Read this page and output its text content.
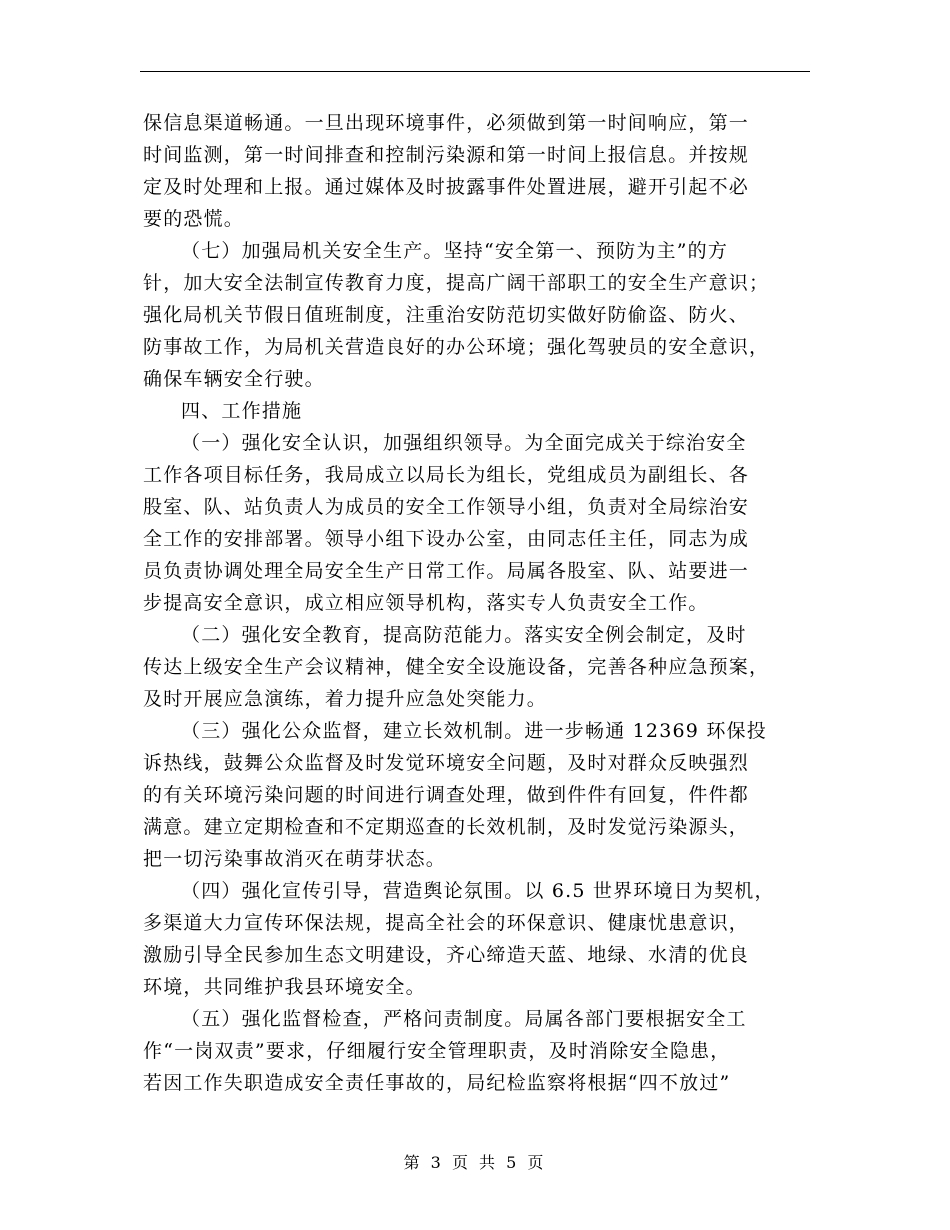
保信息渠道畅通。一旦出现环境事件，必须做到第一时间响应，第一
时间监测，第一时间排查和控制污染源和第一时间上报信息。并按规
定及时处理和上报。通过媒体及时披露事件处置进展，避开引起不必
要的恐慌。

（七）加强局机关安全生产。坚持“安全第一、预防为主”的方
针，加大安全法制宣传教育力度，提高广阔干部职工的安全生产意识；
强化局机关节假日值班制度，注重治安防范切实做好防偷盗、防火、
防事故工作，为局机关营造良好的办公环境；强化驾驶员的安全意识，
确保车辆安全行驶。

四、工作措施

（一）强化安全认识，加强组织领导。为全面完成关于综治安全
工作各项目标任务，我局成立以局长为组长，党组成员为副组长、各
股室、队、站负责人为成员的安全工作领导小组，负责对全局综治安
全工作的安排部署。领导小组下设办公室，由同志任主任，同志为成
员负责协调处理全局安全生产日常工作。局属各股室、队、站要进一
步提高安全意识，成立相应领导机构，落实专人负责安全工作。

（二）强化安全教育，提高防范能力。落实安全例会制定，及时
传达上级安全生产会议精神，健全安全设施设备，完善各种应急预案，
及时开展应急演练，着力提升应急处突能力。

（三）强化公众监督，建立长效机制。进一步畅通 12369 环保投
诉热线，鼓舞公众监督及时发觉环境安全问题，及时对群众反映强烈
的有关环境污染问题的时间进行调查处理，做到件件有回复，件件都
满意。建立定期检查和不定期巡查的长效机制，及时发觉污染源头，
把一切污染事故消灭在萌芽状态。

（四）强化宣传引导，营造舆论氛围。以 6.5 世界环境日为契机，
多渠道大力宣传环保法规，提高全社会的环保意识、健康忧患意识，
激励引导全民参加生态文明建设，齐心缔造天蓝、地绿、水清的优良
环境，共同维护我县环境安全。

（五）强化监督检查，严格问责制度。局属各部门要根据安全工
作“一岗双责”要求，仔细履行安全管理职责，及时消除安全隐患，
若因工作失职造成安全责任事故的，局纪检监察将根据“四不放过”

第 3 页 共 5 页
